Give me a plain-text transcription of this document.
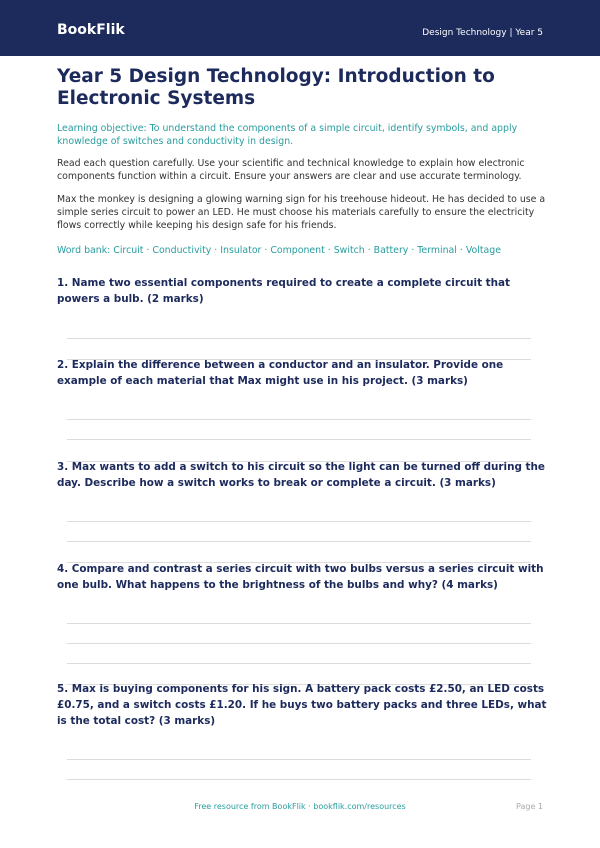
BookFlik	Design Technology | Year 5
Year 5 Design Technology: Introduction to Electronic Systems

Learning objective: To understand the components of a simple circuit, identify symbols, and apply knowledge of switches and conductivity in design.

Read each question carefully. Use your scientific and technical knowledge to explain how electronic components function within a circuit. Ensure your answers are clear and use accurate terminology.

Max the monkey is designing a glowing warning sign for his treehouse hideout. He has decided to use a simple series circuit to power an LED. He must choose his materials carefully to ensure the electricity flows correctly while keeping his design safe for his friends.

Word bank: Circuit · Conductivity · Insulator · Component · Switch · Battery · Terminal · Voltage

1. Name two essential components required to create a complete circuit that powers a bulb. (2 marks)

2. Explain the difference between a conductor and an insulator. Provide one example of each material that Max might use in his project. (3 marks)

3. Max wants to add a switch to his circuit so the light can be turned off during the day. Describe how a switch works to break or complete a circuit. (3 marks)

4. Compare and contrast a series circuit with two bulbs versus a series circuit with one bulb. What happens to the brightness of the bulbs and why? (4 marks)

5. Max is buying components for his sign. A battery pack costs £2.50, an LED costs £0.75, and a switch costs £1.20. If he buys two battery packs and three LEDs, what is the total cost? (3 marks)

Free resource from BookFlik · bookflik.com/resources	Page 1
